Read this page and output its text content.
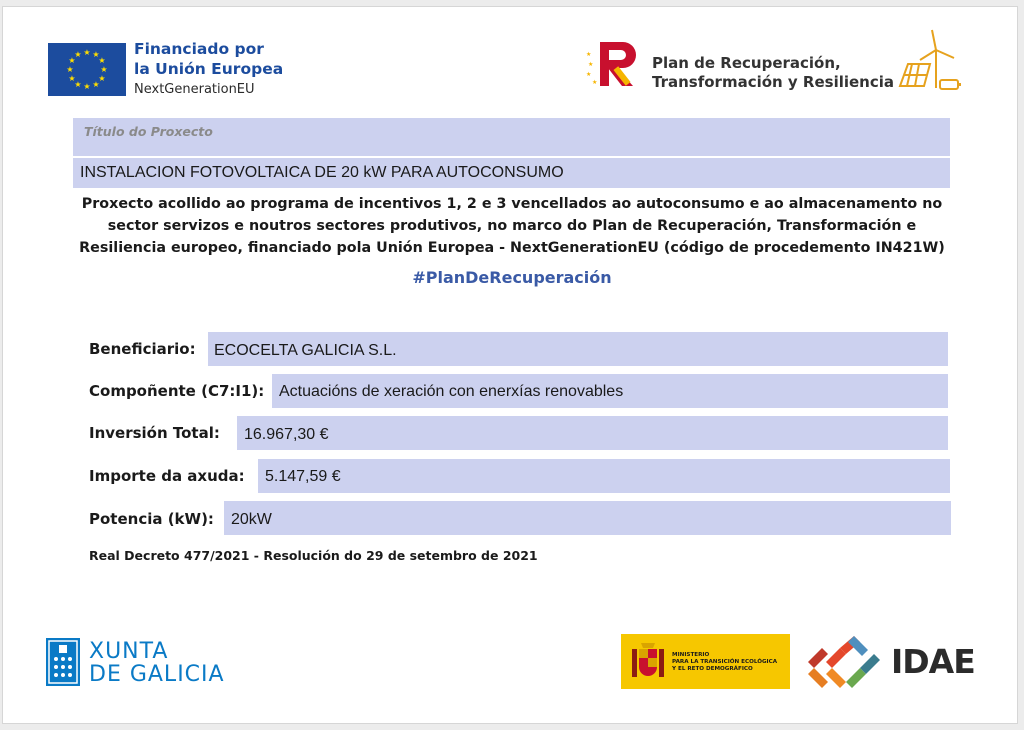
★ ★
★
★
★
★
★
★
★
★
★
★	Financiado por
la Unión Europea
NextGenerationEU
★
★
★
★
Plan de Recuperación,
Transformación y Resiliencia
Título do Proxecto
INSTALACION FOTOVOLTAICA DE 20 kW PARA AUTOCONSUMO
Proxecto acollido ao programa de incentivos 1, 2 e 3 vencellados ao autoconsumo e ao almacenamento no
sector servizos e noutros sectores produtivos, no marco do Plan de Recuperación, Transformación e
Resiliencia europeo, financiado pola Unión Europea - NextGenerationEU (código de procedemento IN421W)
#PlanDeRecuperación
Beneficiario: ECOCELTA GALICIA S.L.
Compoñente (C7:I1): Actuacións de xeración con enerxías renovables
Inversión Total: 16.967,30 €
Importe da axuda: 5.147,59 €
Potencia (kW): 20kW
Real Decreto 477/2021 - Resolución do 29 de setembro de 2021
XUNTA
DE GALICIA
MINISTERIO
PARA LA TRANSICIÓN ECOLÓGICA
Y EL RETO DEMOGRÁFICO	IDAE
